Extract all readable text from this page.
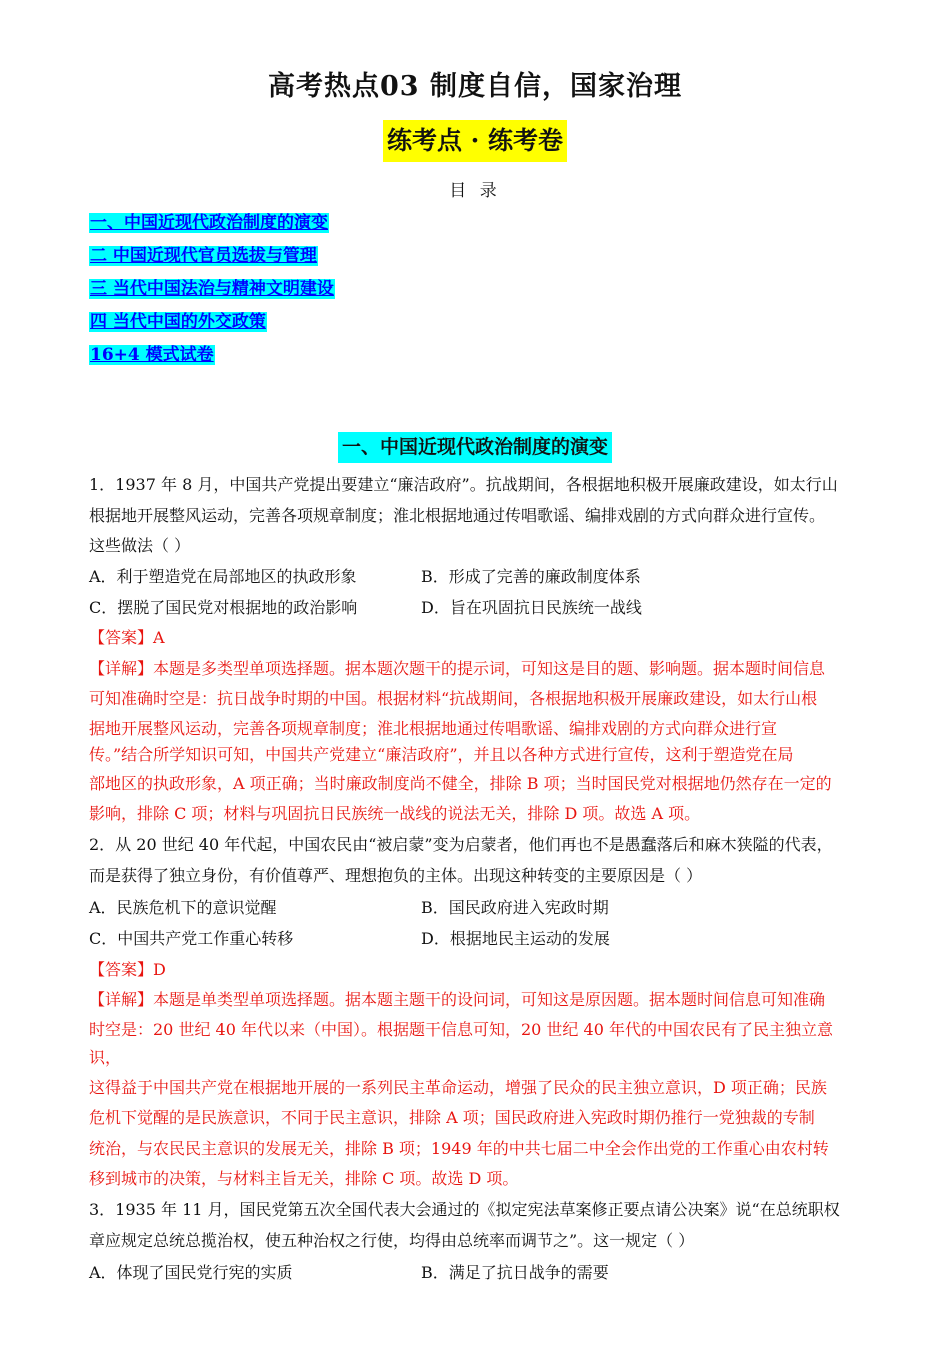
高考热点03 制度自信，国家治理
练考点 · 练考卷
目 录
一、中国近现代政治制度的演变
二 中国近现代官员选拔与管理
三 当代中国法治与精神文明建设
四 当代中国的外交政策
16+4 模式试卷
一、中国近现代政治制度的演变
1．1937 年 8 月，中国共产党提出要建立“廉洁政府”。抗战期间，各根据地积极开展廉政建设，如太行山
根据地开展整风运动，完善各项规章制度；淮北根据地通过传唱歌谣、编排戏剧的方式向群众进行宣传。
这些做法（ ）
A．利于塑造党在局部地区的执政形象	B．形成了完善的廉政制度体系
C．摆脱了国民党对根据地的政治影响	D．旨在巩固抗日民族统一战线
【答案】A
【详解】本题是多类型单项选择题。据本题次题干的提示词，可知这是目的题、影响题。据本题时间信息
可知准确时空是：抗日战争时期的中国。根据材料“抗战期间，各根据地积极开展廉政建设，如太行山根
据地开展整风运动，完善各项规章制度；淮北根据地通过传唱歌谣、编排戏剧的方式向群众进行宣
传。”结合所学知识可知，中国共产党建立“廉洁政府”，并且以各种方式进行宣传，这利于塑造党在局
部地区的执政形象，A 项正确；当时廉政制度尚不健全，排除 B 项；当时国民党对根据地仍然存在一定的
影响，排除 C 项；材料与巩固抗日民族统一战线的说法无关，排除 D 项。故选 A 项。
2．从 20 世纪 40 年代起，中国农民由“被启蒙”变为启蒙者，他们再也不是愚蠢落后和麻木狭隘的代表，
而是获得了独立身份，有价值尊严、理想抱负的主体。出现这种转变的主要原因是（ ）
A．民族危机下的意识觉醒	B．国民政府进入宪政时期
C．中国共产党工作重心转移	D．根据地民主运动的发展
【答案】D
【详解】本题是单类型单项选择题。据本题主题干的设问词，可知这是原因题。据本题时间信息可知准确
时空是：20 世纪 40 年代以来（中国）。根据题干信息可知，20 世纪 40 年代的中国农民有了民主独立意
识，
这得益于中国共产党在根据地开展的一系列民主革命运动，增强了民众的民主独立意识，D 项正确；民族
危机下觉醒的是民族意识，不同于民主意识，排除 A 项；国民政府进入宪政时期仍推行一党独裁的专制
统治，与农民民主意识的发展无关，排除 B 项；1949 年的中共七届二中全会作出党的工作重心由农村转
移到城市的决策，与材料主旨无关，排除 C 项。故选 D 项。
3．1935 年 11 月，国民党第五次全国代表大会通过的《拟定宪法草案修正要点请公决案》说“在总统职权
章应规定总统总揽治权，使五种治权之行使，均得由总统率而调节之”。这一规定（ ）
A．体现了国民党行宪的实质	B．满足了抗日战争的需要
